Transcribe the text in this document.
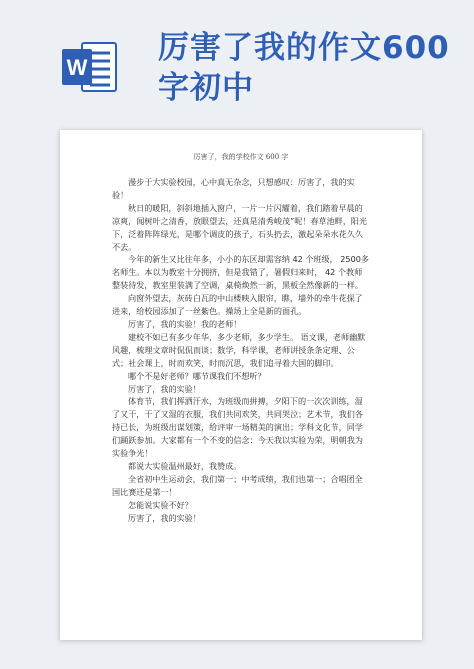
W
厉害了我的作文600字初中
厉害了，我的学校作文 600 字

漫步于大实验校园，心中真无杂念，只想感叹：厉害了，我的实验！

秋日的暖阳，斜斜地插入窗户，一片一片闪耀着，我们踏着早晨的凉爽，闻树叶之清香，放眼望去，还真是清秀峻茂”呢！春草池畔，阳光下，泛着阵阵绿光，是哪个调皮的孩子，石头扔去，激起朵朵水花久久不去。

今年的新生又比往年多，小小的东区却需容纳 42 个班级， 2500多名师生。本以为教室十分拥挤，但是我错了，暑假归来时， 42 个教师整装待发，教室里装满了空调，桌椅焕然一新，黑板全然像新的一样。

向窗外望去，灰砖白瓦的中山楼映入眼帘，瞧，墙外的牵牛花探了进来，给校园添加了一丝紫色。操场上全是新的面孔。

厉害了，我的实验！我的老师！

建校不如已有多少年华，多少老师，多少学生。 语文课，老师幽默风趣，梳理文章时侃侃而谈；数学，科学课，老师讲授条条定理、公式；社会课上，时而欢笑，时而沉思，我们追寻着大国的脚印。

哪个不是好老师？哪节课我们不想听？

厉害了，我的实验！

体育节，我们挥洒汗水，为班级而拼搏，夕阳下的一次次训练，湿了又干，干了又湿的衣服，我们共同欢笑，共同哭泣；艺术节，我们各持已长，为班级出谋划策，给评审一场精美的演出；学科文化节，同学们踊跃参加。大家都有一个不变的信念：今天我以实验为荣，明朝我为实验争光！

都说大实验温州最好，我赞成。

全省初中生运动会，我们第一；中考成绩，我们也第一；合唱团全国比赛还是第一！

怎能说实验不好？

厉害了，我的实验！
